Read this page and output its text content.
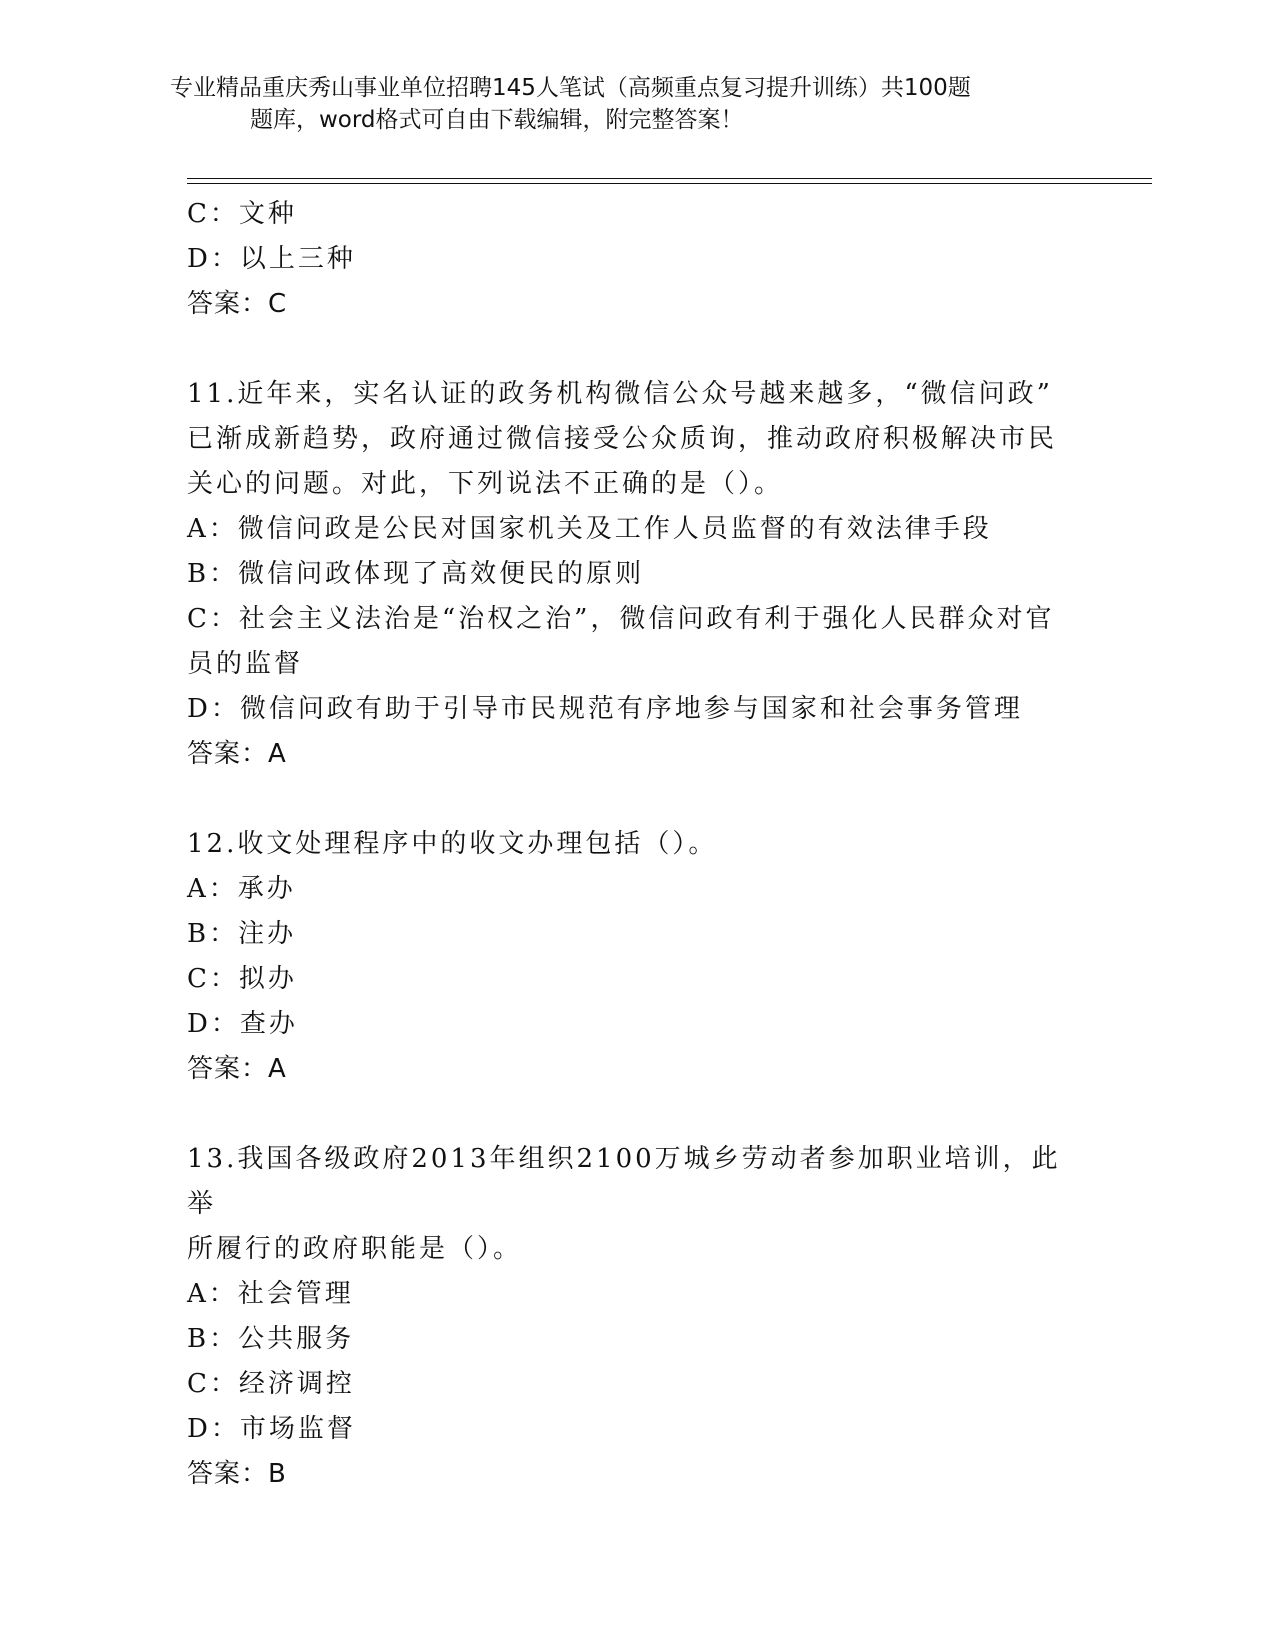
专业精品重庆秀山事业单位招聘145人笔试（高频重点复习提升训练）共100题
题库，word格式可自由下载编辑，附完整答案！

C：文种

D：以上三种

答案：C

11.近年来，实名认证的政务机构微信公众号越来越多，“微信问政”

已渐成新趋势，政府通过微信接受公众质询，推动政府积极解决市民

关心的问题。对此，下列说法不正确的是（）。

A：微信问政是公民对国家机关及工作人员监督的有效法律手段

B：微信问政体现了高效便民的原则

C：社会主义法治是“治权之治”，微信问政有利于强化人民群众对官

员的监督

D：微信问政有助于引导市民规范有序地参与国家和社会事务管理

答案：A

12.收文处理程序中的收文办理包括（）。

A：承办

B：注办

C：拟办

D：查办

答案：A

13.我国各级政府2013年组织2100万城乡劳动者参加职业培训，此举

所履行的政府职能是（）。

A：社会管理

B：公共服务

C：经济调控

D：市场监督

答案：B
